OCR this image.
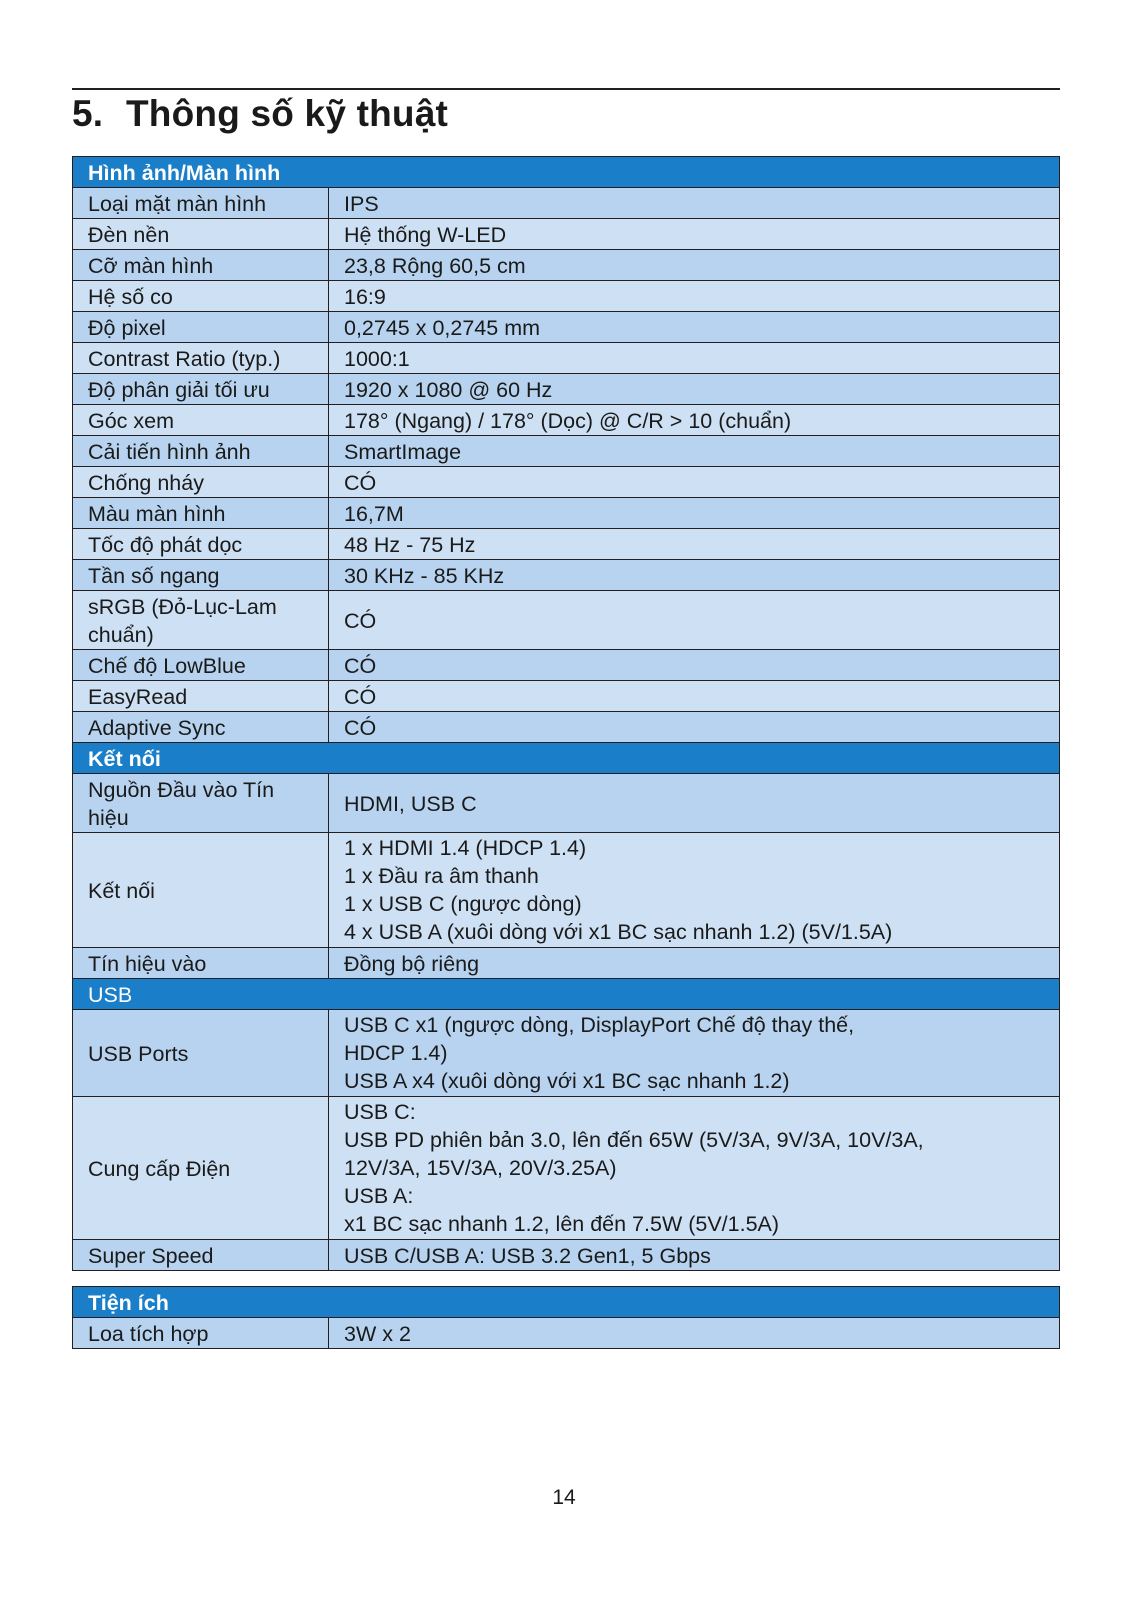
5. Thông số kỹ thuật
Hình ảnh/Màn hình	
Loại mặt màn hình	IPS
Đèn nền	Hệ thống W-LED
Cỡ màn hình	23,8 Rộng 60,5 cm
Hệ số co	16:9
Độ pixel	0,2745 x 0,2745 mm
Contrast Ratio (typ.)	1000:1
Độ phân giải tối ưu	1920 x 1080 @ 60 Hz
Góc xem	178° (Ngang) / 178° (Dọc) @ C/R > 10 (chuẩn)
Cải tiến hình ảnh	SmartImage
Chống nháy	CÓ
Màu màn hình	16,7M
Tốc độ phát dọc	48 Hz - 75 Hz
Tần số ngang	30 KHz - 85 KHz
sRGB (Đỏ-Lục-Lam chuẩn)	CÓ
Chế độ LowBlue	CÓ
EasyRead	CÓ
Adaptive Sync	CÓ
Kết nối	
Nguồn Đầu vào Tín hiệu	HDMI, USB C
Kết nối	1 x HDMI 1.4 (HDCP 1.4)
1 x Đầu ra âm thanh
1 x USB C (ngược dòng)
4 x USB A (xuôi dòng với x1 BC sạc nhanh 1.2) (5V/1.5A)

Tín hiệu vào	Đồng bộ riêng
USB	
USB Ports	USB C x1 (ngược dòng, DisplayPort Chế độ thay thế,
HDCP 1.4)
USB A x4 (xuôi dòng với x1 BC sạc nhanh 1.2)

Cung cấp Điện	USB C:
USB PD phiên bản 3.0, lên đến 65W (5V/3A, 9V/3A, 10V/3A,
12V/3A, 15V/3A, 20V/3.25A)
USB A:
x1 BC sạc nhanh 1.2, lên đến 7.5W (5V/1.5A)

Super Speed	USB C/USB A: USB 3.2 Gen1, 5 Gbps
Tiện ích
Loa tích hợp	3W x 2
14
